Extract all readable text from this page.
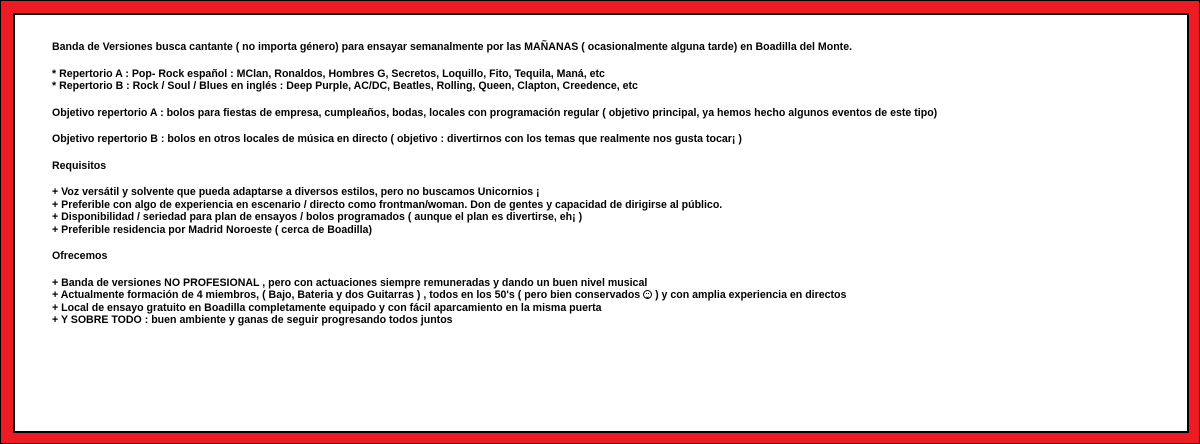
Banda de Versiones busca cantante ( no importa género) para ensayar semanalmente por las MAÑANAS ( ocasionalmente alguna tarde) en Boadilla del Monte.
* Repertorio A : Pop- Rock español : MClan, Ronaldos, Hombres G, Secretos, Loquillo, Fito, Tequila, Maná, etc
* Repertorio B : Rock / Soul / Blues en inglés : Deep Purple, AC/DC, Beatles, Rolling, Queen, Clapton, Creedence, etc
Objetivo repertorio A : bolos para fiestas de empresa, cumpleaños, bodas, locales con programación regular ( objetivo principal, ya hemos hecho algunos eventos de este tipo)
Objetivo repertorio B : bolos en otros locales de música en directo ( objetivo : divertirnos con los temas que realmente nos gusta tocar¡ )
Requisitos
+ Voz versátil y solvente que pueda adaptarse a diversos estilos, pero no buscamos Unicornios ¡
+ Preferible con algo de experiencia en escenario / directo como frontman/woman. Don de gentes y capacidad de dirigirse al público.
+ Disponibilidad / seriedad para plan de ensayos / bolos programados ( aunque el plan es divertirse, eh¡ )
+ Preferible residencia por Madrid Noroeste ( cerca de Boadilla)
Ofrecemos
+ Banda de versiones NO PROFESIONAL , pero con actuaciones siempre remuneradas y dando un buen nivel musical
+ Actualmente formación de 4 miembros, ( Bajo, Bateria y dos Guitarras ) , todos en los 50's ( pero bien conservados
) y con amplia experiencia en directos
+ Local de ensayo gratuito en Boadilla completamente equipado y con fácil aparcamiento en la misma puerta
+ Y SOBRE TODO : buen ambiente y ganas de seguir progresando todos juntos
